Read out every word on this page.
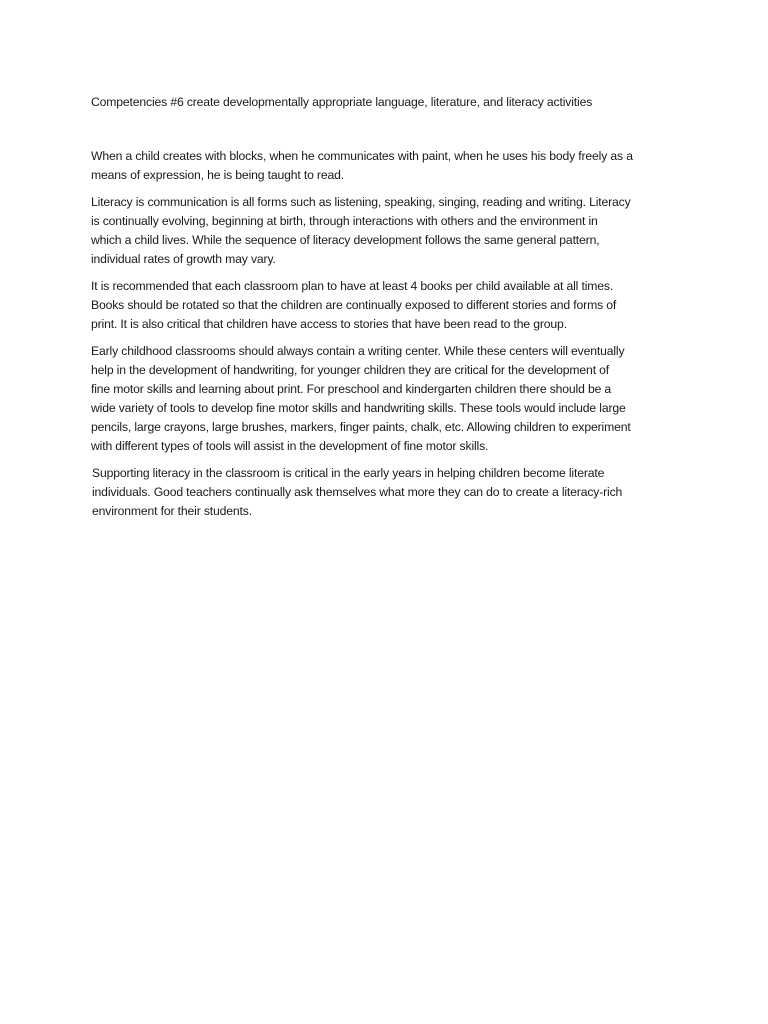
Competencies #6 create developmentally appropriate language, literature, and literacy activities

When a child creates with blocks, when he communicates with paint, when he uses his body freely as a
means of expression, he is being taught to read.

Literacy is communication is all forms such as listening, speaking, singing, reading and writing. Literacy
is continually evolving, beginning at birth, through interactions with others and the environment in
which a child lives. While the sequence of literacy development follows the same general pattern,
individual rates of growth may vary.

It is recommended that each classroom plan to have at least 4 books per child available at all times.
Books should be rotated so that the children are continually exposed to different stories and forms of
print. It is also critical that children have access to stories that have been read to the group.

Early childhood classrooms should always contain a writing center. While these centers will eventually
help in the development of handwriting, for younger children they are critical for the development of
fine motor skills and learning about print. For preschool and kindergarten children there should be a
wide variety of tools to develop fine motor skills and handwriting skills. These tools would include large
pencils, large crayons, large brushes, markers, finger paints, chalk, etc. Allowing children to experiment
with different types of tools will assist in the development of fine motor skills.

Supporting literacy in the classroom is critical in the early years in helping children become literate
individuals. Good teachers continually ask themselves what more they can do to create a literacy-rich
environment for their students.
